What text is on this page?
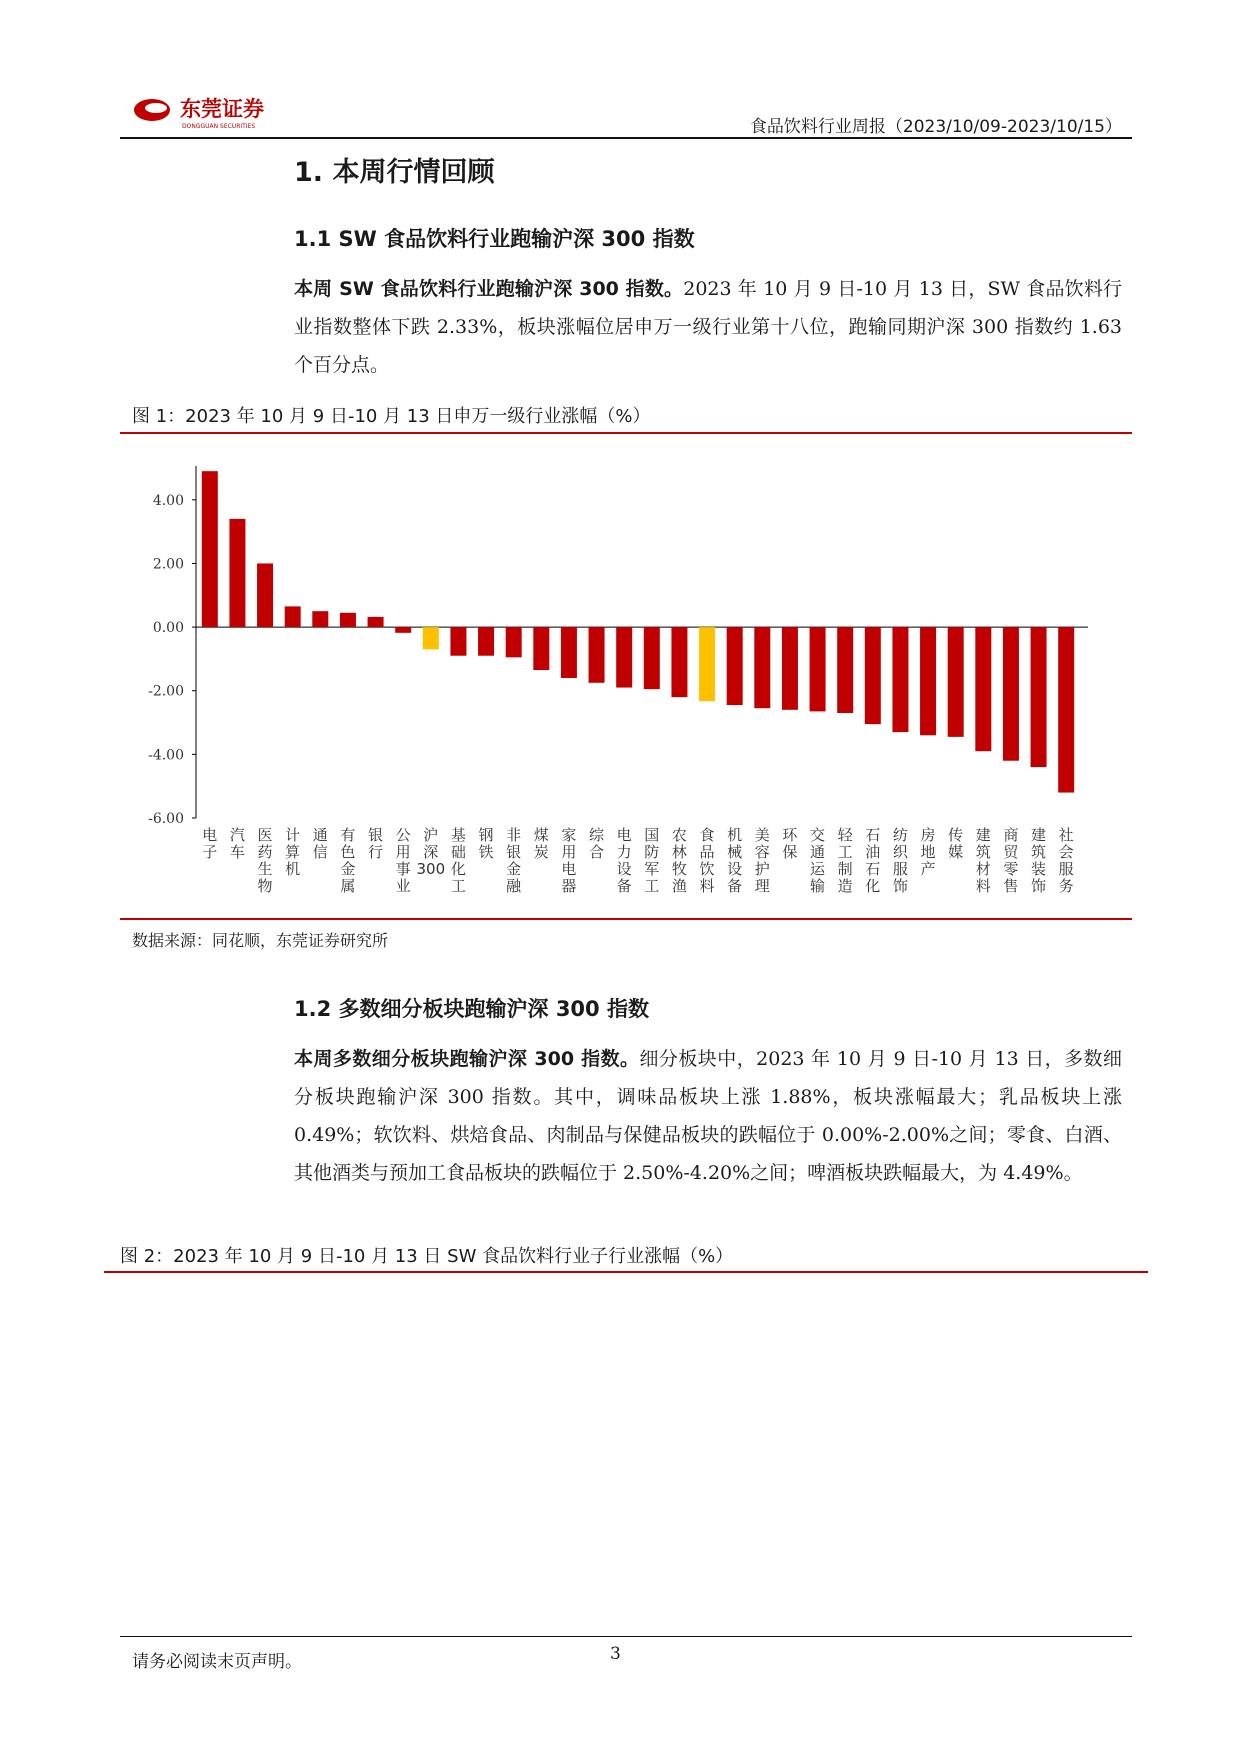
东莞证券
DONGGUAN SECURITIES	食品饮料行业周报（2023/10/09-2023/10/15）
1. 本周行情回顾
1.1 SW 食品饮料行业跑输沪深 300 指数

本周 SW 食品饮料行业跑输沪深 300 指数。2023 年 10 月 9 日-10 月 13 日，SW 食品饮料行业指数整体下跌 2.33%，板块涨幅位居申万一级行业第十八位，跑输同期沪深 300 指数约 1.63 个百分点。

图 1：2023 年 10 月 9 日-10 月 13 日申万一级行业涨幅（%）
4.00
2.00
0.00
-2.00
-4.00
-6.00
电子
汽车
医药生物
计算机
通信
有色金属
银行
公用事业
沪深 300
基础化工
钢铁
非银金融
煤炭
家用电器
综合
电力设备
国防军工
农林牧渔
食品饮料
机械设备
美容护理
环保
交通运输
轻工制造
石油石化
纺织服饰
房地产
传媒
建筑材料
商贸零售
建筑装饰
社会服务
数据来源：同花顺，东莞证券研究所
1.2 多数细分板块跑输沪深 300 指数

本周多数细分板块跑输沪深 300 指数。细分板块中，2023 年 10 月 9 日-10 月 13 日，多数细分板块跑输沪深 300 指数。其中，调味品板块上涨 1.88%，板块涨幅最大；乳品板块上涨 0.49%；软饮料、烘焙食品、肉制品与保健品板块的跌幅位于 0.00%-2.00%之间；零食、白酒、其他酒类与预加工食品板块的跌幅位于 2.50%-4.20%之间；啤酒板块跌幅最大，为 4.49%。

图 2：2023 年 10 月 9 日-10 月 13 日 SW 食品饮料行业子行业涨幅（%）
请务必阅读末页声明。	3
